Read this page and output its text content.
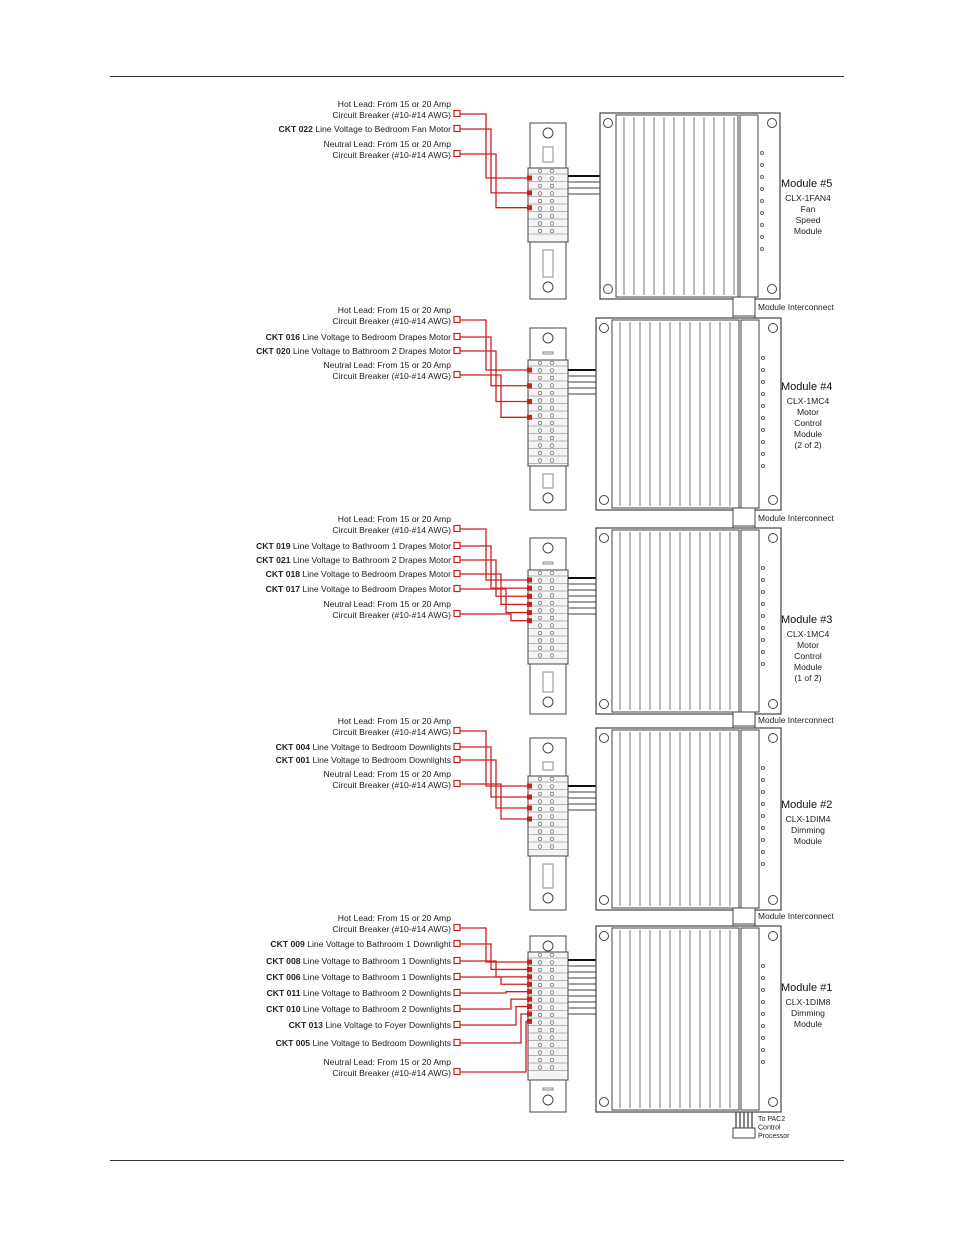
Module #5
CLX-1FAN4
Fan
Speed
Module
Module Interconnect
Hot Lead: From 15 or 20 Amp
Circuit Breaker (#10-#14 AWG)
CKT 022 Line Voltage to Bedroom Fan Motor
Neutral Lead: From 15 or 20 Amp
Circuit Breaker (#10-#14 AWG)
Module #4
CLX-1MC4
Motor
Control
Module
(2 of 2)
Module Interconnect
Hot Lead: From 15 or 20 Amp
Circuit Breaker (#10-#14 AWG)
CKT 016 Line Voltage to Bedroom Drapes Motor
CKT 020 Line Voltage to Bathroom 2 Drapes Motor
Neutral Lead: From 15 or 20 Amp
Circuit Breaker (#10-#14 AWG)
Module #3
CLX-1MC4
Motor
Control
Module
(1 of 2)
Module Interconnect
Hot Lead: From 15 or 20 Amp
Circuit Breaker (#10-#14 AWG)
CKT 019 Line Voltage to Bathroom 1 Drapes Motor
CKT 021 Line Voltage to Bathroom 2 Drapes Motor
CKT 018 Line Voltage to Bedroom Drapes Motor
CKT 017 Line Voltage to Bedroom Drapes Motor
Neutral Lead: From 15 or 20 Amp
Circuit Breaker (#10-#14 AWG)
Module #2
CLX-1DIM4
Dimming
Module
Module Interconnect
Hot Lead: From 15 or 20 Amp
Circuit Breaker (#10-#14 AWG)
CKT 004 Line Voltage to Bedroom Downlights
CKT 001 Line Voltage to Bedroom Downlights
Neutral Lead: From 15 or 20 Amp
Circuit Breaker (#10-#14 AWG)
Module #1
CLX-1DIM8
Dimming
Module
Hot Lead: From 15 or 20 Amp
Circuit Breaker (#10-#14 AWG)
CKT 009 Line Voltage to Bathroom 1 Downlight
CKT 008 Line Voltage to Bathroom 1 Downlights
CKT 006 Line Voltage to Bathroom 1 Downlights
CKT 011 Line Voltage to Bathroom 2 Downlights
CKT 010 Line Voltage to Bathroom 2 Downlights
CKT 013 Line Voltage to Foyer Downlights
CKT 005 Line Voltage to Bedroom Downlights
Neutral Lead: From 15 or 20 Amp
Circuit Breaker (#10-#14 AWG)
To PAC2
Control
Processor
